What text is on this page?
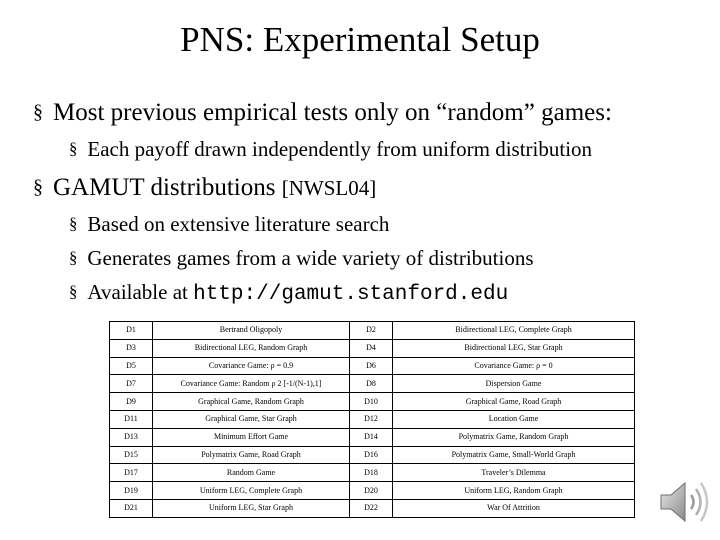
PNS: Experimental Setup
§ Most previous empirical tests only on “random” games:
§ Each payoff drawn independently from uniform distribution
§ GAMUT distributions [NWSL04]
§ Based on extensive literature search
§ Generates games from a wide variety of distributions
§ Available at http://gamut.stanford.edu
D1	Bertrand Oligopoly	D2	Bidirectional LEG, Complete Graph
D3	Bidirectional LEG, Random Graph	D4	Bidirectional LEG, Star Graph
D5	Covariance Game: ρ = 0.9	D6	Covariance Game: ρ = 0
D7	Covariance Game: Random ρ 2 [-1/(N-1),1]	D8	Dispersion Game
D9	Graphical Game, Random Graph	D10	Graphical Game, Road Graph
D11	Graphical Game, Star Graph	D12	Location Game
D13	Minimum Effort Game	D14	Polymatrix Game, Random Graph
D15	Polymatrix Game, Road Graph	D16	Polymatrix Game, Small-World Graph
D17	Random Game	D18	Traveler’s Dilemma
D19	Uniform LEG, Complete Graph	D20	Uniform LEG, Random Graph
D21	Uniform LEG, Star Graph	D22	War Of Attrition
